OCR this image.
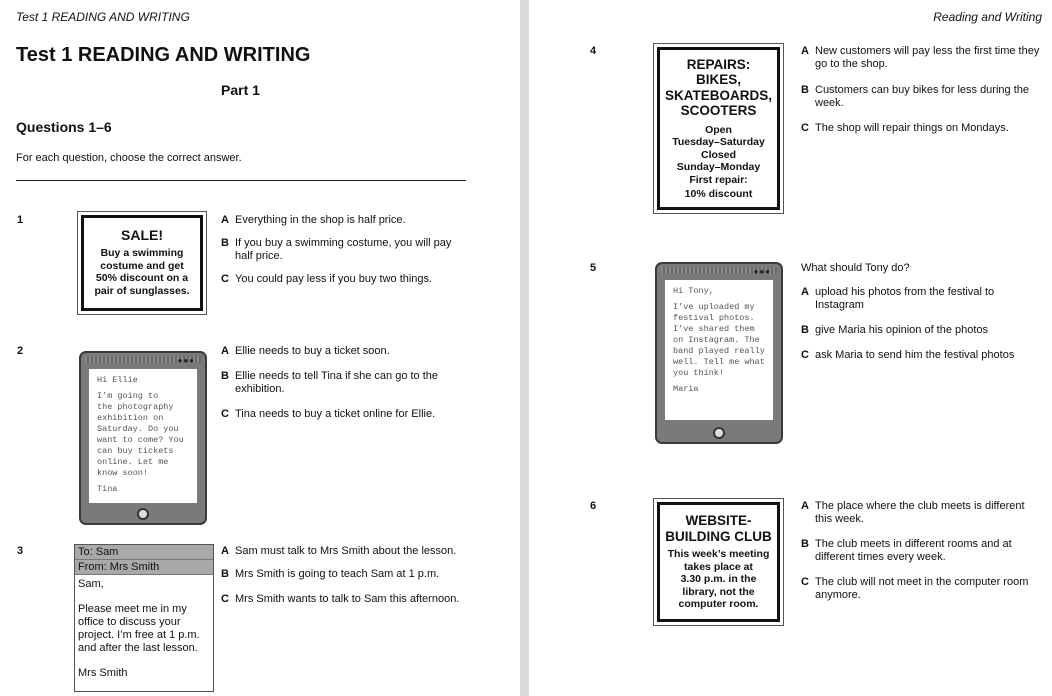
Test 1 READING AND WRITING
Test 1 READING AND WRITING
Part 1
Questions 1–6
For each question, choose the correct answer.
1
SALE!
Buy a swimming
costume and get
50% discount on a
pair of sunglasses.
A Everything in the shop is half price.
B If you buy a swimming costume, you will pay half price.
C You could pay less if you buy two things.
2
●●●

Hi Ellie

I’m going to
the photography
exhibition on
Saturday. Do you
want to come? You
can buy tickets
online. Let me
know soon!

Tina

A Ellie needs to buy a ticket soon.
B Ellie needs to tell Tina if she can go to the exhibition.
C Tina needs to buy a ticket online for Ellie.
3	To: Sam
From: Mrs Smith

Sam,

Please meet me in my
office to discuss your
project. I’m free at 1 p.m.
and after the last lesson.

Mrs Smith

A Sam must talk to Mrs Smith about the lesson.
B Mrs Smith is going to teach Sam at 1 p.m.
C Mrs Smith wants to talk to Sam this afternoon.
Reading and Writing
4
REPAIRS:
BIKES,
SKATEBOARDS,
SCOOTERS
Open
Tuesday–Saturday
Closed
Sunday–Monday
First repair:
10% discount
A New customers will pay less the first time they go to the shop.
B Customers can buy bikes for less during the week.
C The shop will repair things on Mondays.
5	●●●

Hi Tony,

I’ve uploaded my
festival photos.
I’ve shared them
on Instagram. The
band played really
well. Tell me what
you think!

Maria

What should Tony do?
A upload his photos from the festival to Instagram
B give Maria his opinion of the photos
C ask Maria to send him the festival photos
6
WEBSITE-
BUILDING CLUB
This week’s meeting
takes place at
3.30 p.m. in the
library, not the
computer room.
A The place where the club meets is different this week.
B The club meets in different rooms and at different times every week.
C The club will not meet in the computer room anymore.
